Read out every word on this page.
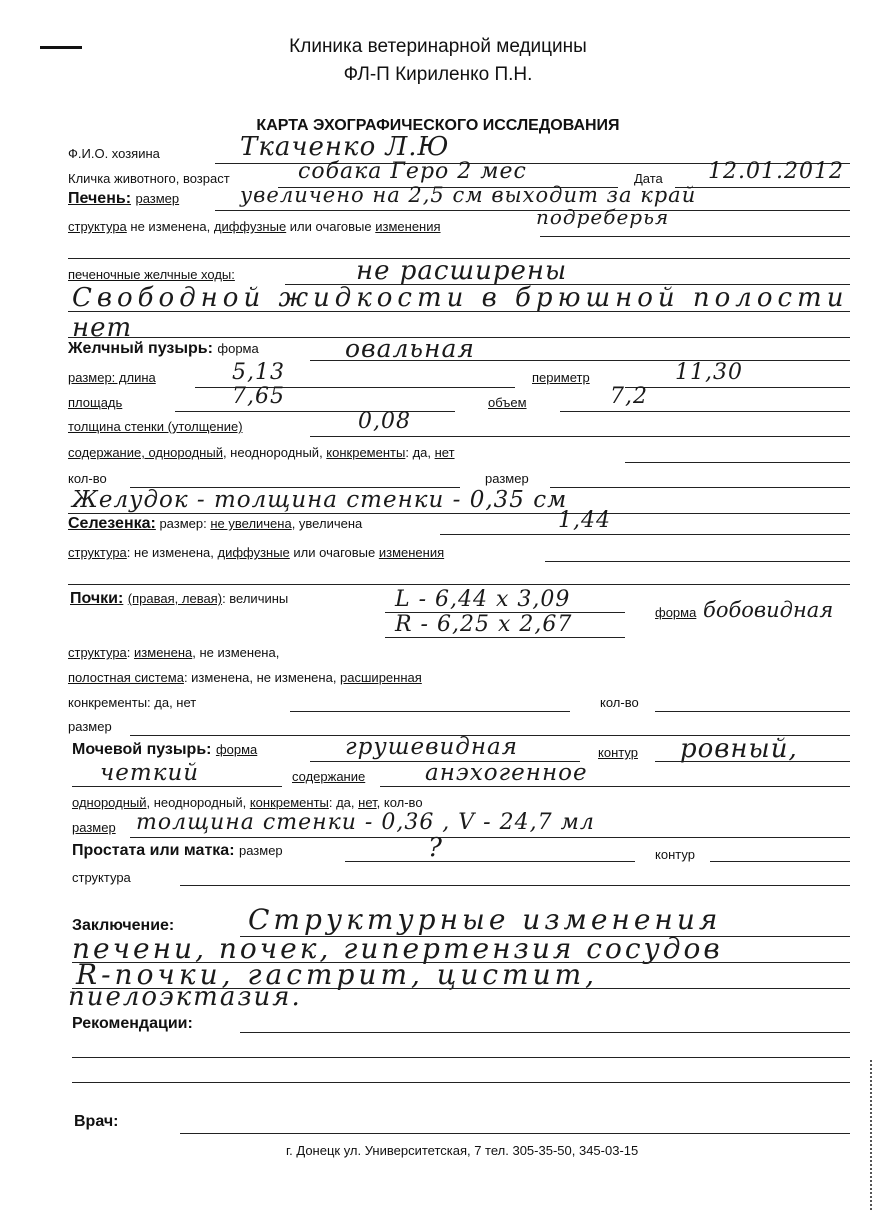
Клиника ветеринарной медицины
ФЛ-П Кириленко П.Н.
КАРТА ЭХОГРАФИЧЕСКОГО ИССЛЕДОВАНИЯ
Ф.И.О. хозяина	Ткаченко Л.Ю
Кличка животного, возраст	собака Геро 2 мес	Дата 12.01.2012
Печень: размер	увеличено на 2,5 см выходит за край
структура не изменена, диффузные или очаговые изменения	подреберья
печеночные желчные ходы:	не расширены
Свободной жидкости в брюшной полости
нет
Желчный пузырь: форма	овальная
размер: длина	5,13	периметр	11,30
площадь	7,65	объем	7,2
толщина стенки (утолщение)	0,08
содержание, однородный, неоднородный, конкременты: да, нет
кол-во	размер
Желудок - толщина стенки - 0,35 см
Селезенка: размер: не увеличена, увеличена	1,44
структура: не изменена, диффузные или очаговые изменения
Почки: (правая, левая): величины	L - 6,44 x 3,09
R - 6,25 x 2,67	форма бобовидная
структура: изменена, не изменена,
полостная система: изменена, не изменена, расширенная
конкременты: да, нет	кол-во
размер
Мочевой пузырь: форма	грушевидная	контур ровный,
четкий	содержание	анэхогенное
однородный, неоднородный, конкременты: да, нет, кол-во
размер толщина стенки - 0,36 , V - 24,7 мл
Простата или матка: размер	?	контур
структура
Заключение:	Структурные изменения
печени, почек, гипертензия сосудов
R-почки, гастрит, цистит,
пиелоэктазия.
Рекомендации:
Врач:
г. Донецк ул. Университетская, 7 тел. 305-35-50, 345-03-15
